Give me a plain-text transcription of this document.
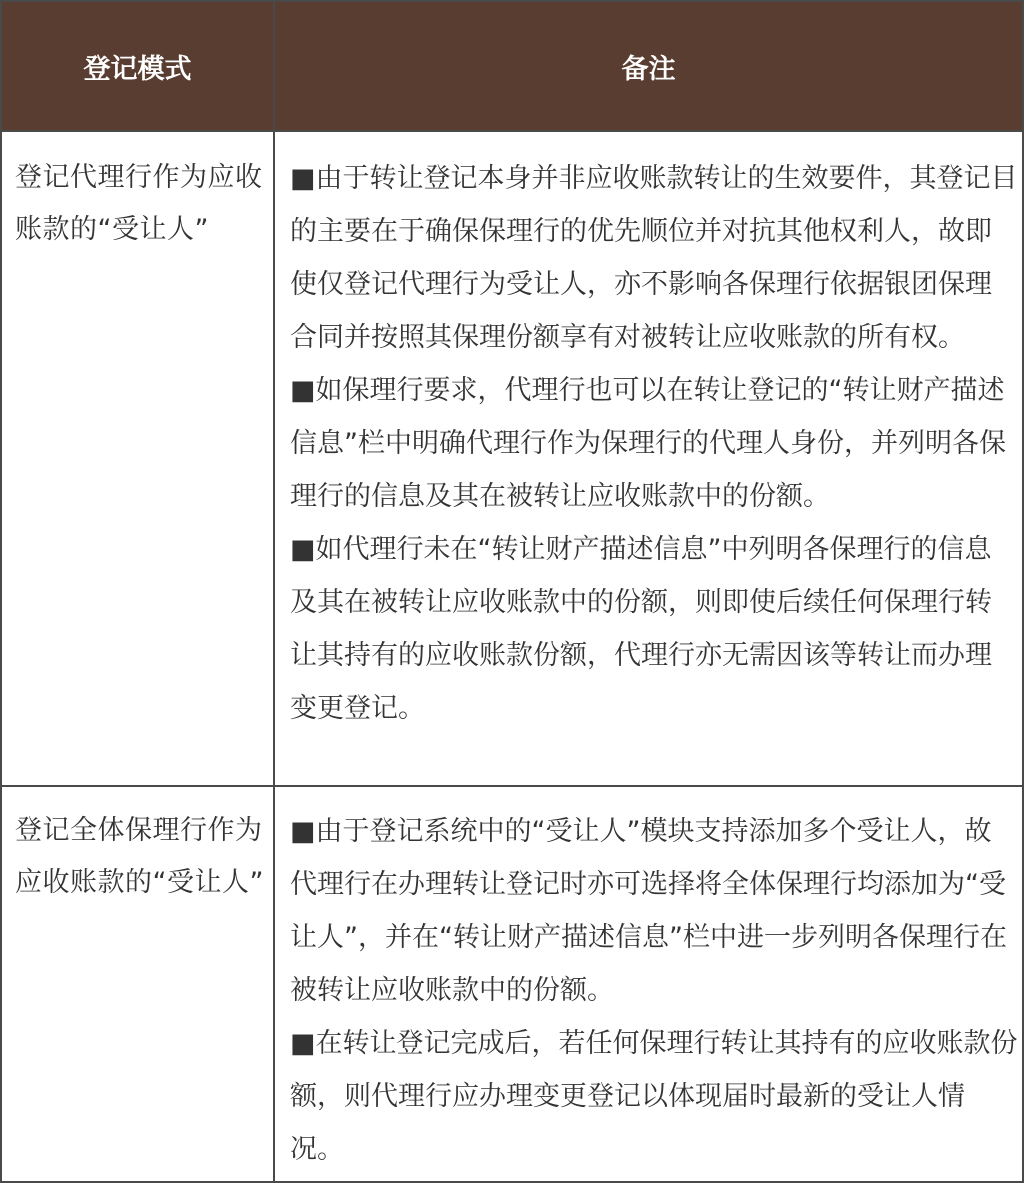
登记模式	备注
登记代理行作为应收账款的“受让人”

■由于转让登记本身并非应收账款转让的生效要件，其登记目的主要在于确保保理行的优先顺位并对抗其他权利人，故即使仅登记代理行为受让人，亦不影响各保理行依据银团保理合同并按照其保理份额享有对被转让应收账款的所有权。

■如保理行要求，代理行也可以在转让登记的“转让财产描述信息”栏中明确代理行作为保理行的代理人身份，并列明各保理行的信息及其在被转让应收账款中的份额。

■如代理行未在“转让财产描述信息”中列明各保理行的信息及其在被转让应收账款中的份额，则即使后续任何保理行转让其持有的应收账款份额，代理行亦无需因该等转让而办理变更登记。

登记全体保理行作为应收账款的“受让人”

■由于登记系统中的“受让人”模块支持添加多个受让人，故代理行在办理转让登记时亦可选择将全体保理行均添加为“受让人”，并在“转让财产描述信息”栏中进一步列明各保理行在被转让应收账款中的份额。

■在转让登记完成后，若任何保理行转让其持有的应收账款份额，则代理行应办理变更登记以体现届时最新的受让人情况。
